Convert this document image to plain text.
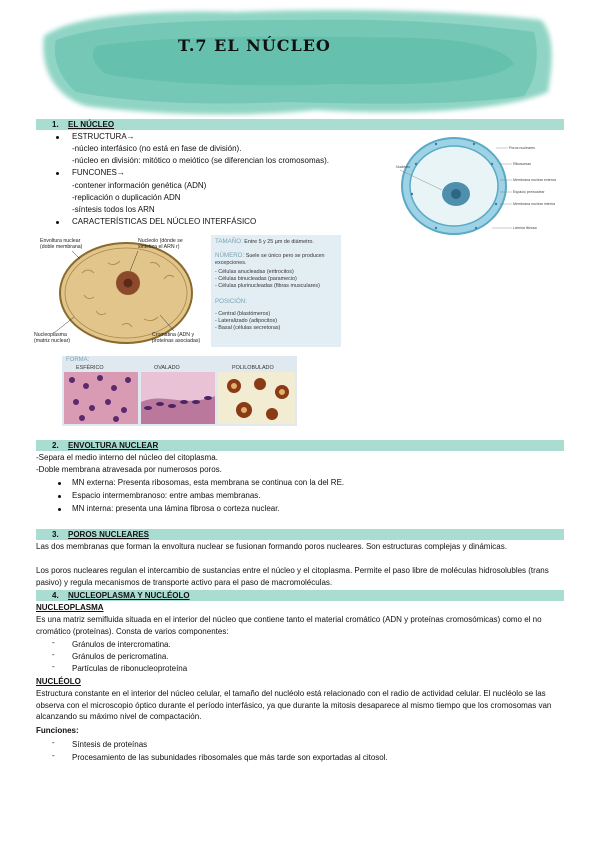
T.7 EL NÚCLEO
1. EL NÚCLEO
ESTRUCTURA→
-núcleo interfásico (no está en fase de división).
-núcleo en división: mitótico o meiótico (se diferencian los cromosomas).
FUNCONES→
-contener información genética (ADN)
-replicación o duplicación ADN
-síntesis todos los ARN
CARACTERÍSTICAS DEL NÚCLEO INTERFÁSICO
Poros nucleares
Ribosomas
Nucleolo
Membrana nuclear externa
Espacio perinuclear
Membrana nuclear interna
Lámina fibrosa
Envoltura nuclear (doble membrana)
Nucleolo (dónde se sintetiza el ARN r)
Nucleoplasma (matriz nuclear)
Cromatina (ADN y proteínas asociadas)
TAMAÑO: Entre 5 y 25 µm de diámetro.
NÚMERO: Suele se único pero se producen excepciones.
- Células anucleadas (eritrocitos)
- Células binucleadas (paramecio)
- Células plurinucleadas (fibras musculares)
POSICIÓN:
- Central (blastómeros)
- Lateralizado (adipocitos)
- Basal (células secretoras)
FORMA:
ESFÉRICO	OVALADO	POLILOBULADO
2. ENVOLTURA NUCLEAR
-Separa el medio interno del núcleo del citoplasma.
-Doble membrana atravesada por numerosos poros.
MN externa: Presenta ribosomas, esta membrana se continua con la del RE.
Espacio intermembranoso: entre ambas membranas.
MN interna: presenta una lámina fibrosa o corteza nuclear.
3. POROS NUCLEARES
Las dos membranas que forman la envoltura nuclear se fusionan formando poros nucleares. Son estructuras complejas y dinámicas.
Los poros nucleares regulan el intercambio de sustancias entre el núcleo y el citoplasma. Permite el paso libre de moléculas hidrosolubles (trans pasivo) y regula mecanismos de transporte activo para el paso de macromoléculas.
4. NUCLEOPLASMA Y NUCLÉOLO
NUCLEOPLASMA
Es una matriz semifluida situada en el interior del núcleo que contiene tanto el material cromático (ADN y proteínas cromosómicas) como el no cromático (proteínas). Consta de varios componentes:
- Gránulos de intercromatina.
- Gránulos de pericromatina.
- Partículas de ribonucleoproteína
NUCLÉOLO
Estructura constante en el interior del núcleo celular, el tamaño del nucléolo está relacionado con el radio de actividad celular. El nucléolo se las observa con el microscopio óptico durante el período interfásico, ya que durante la mitosis desaparece al mismo tiempo que los cromosomas van alcanzando su máximo nivel de compactación.
Funciones:
- Síntesis de proteínas
- Procesamiento de las subunidades ribosomales que más tarde son exportadas al citosol.
